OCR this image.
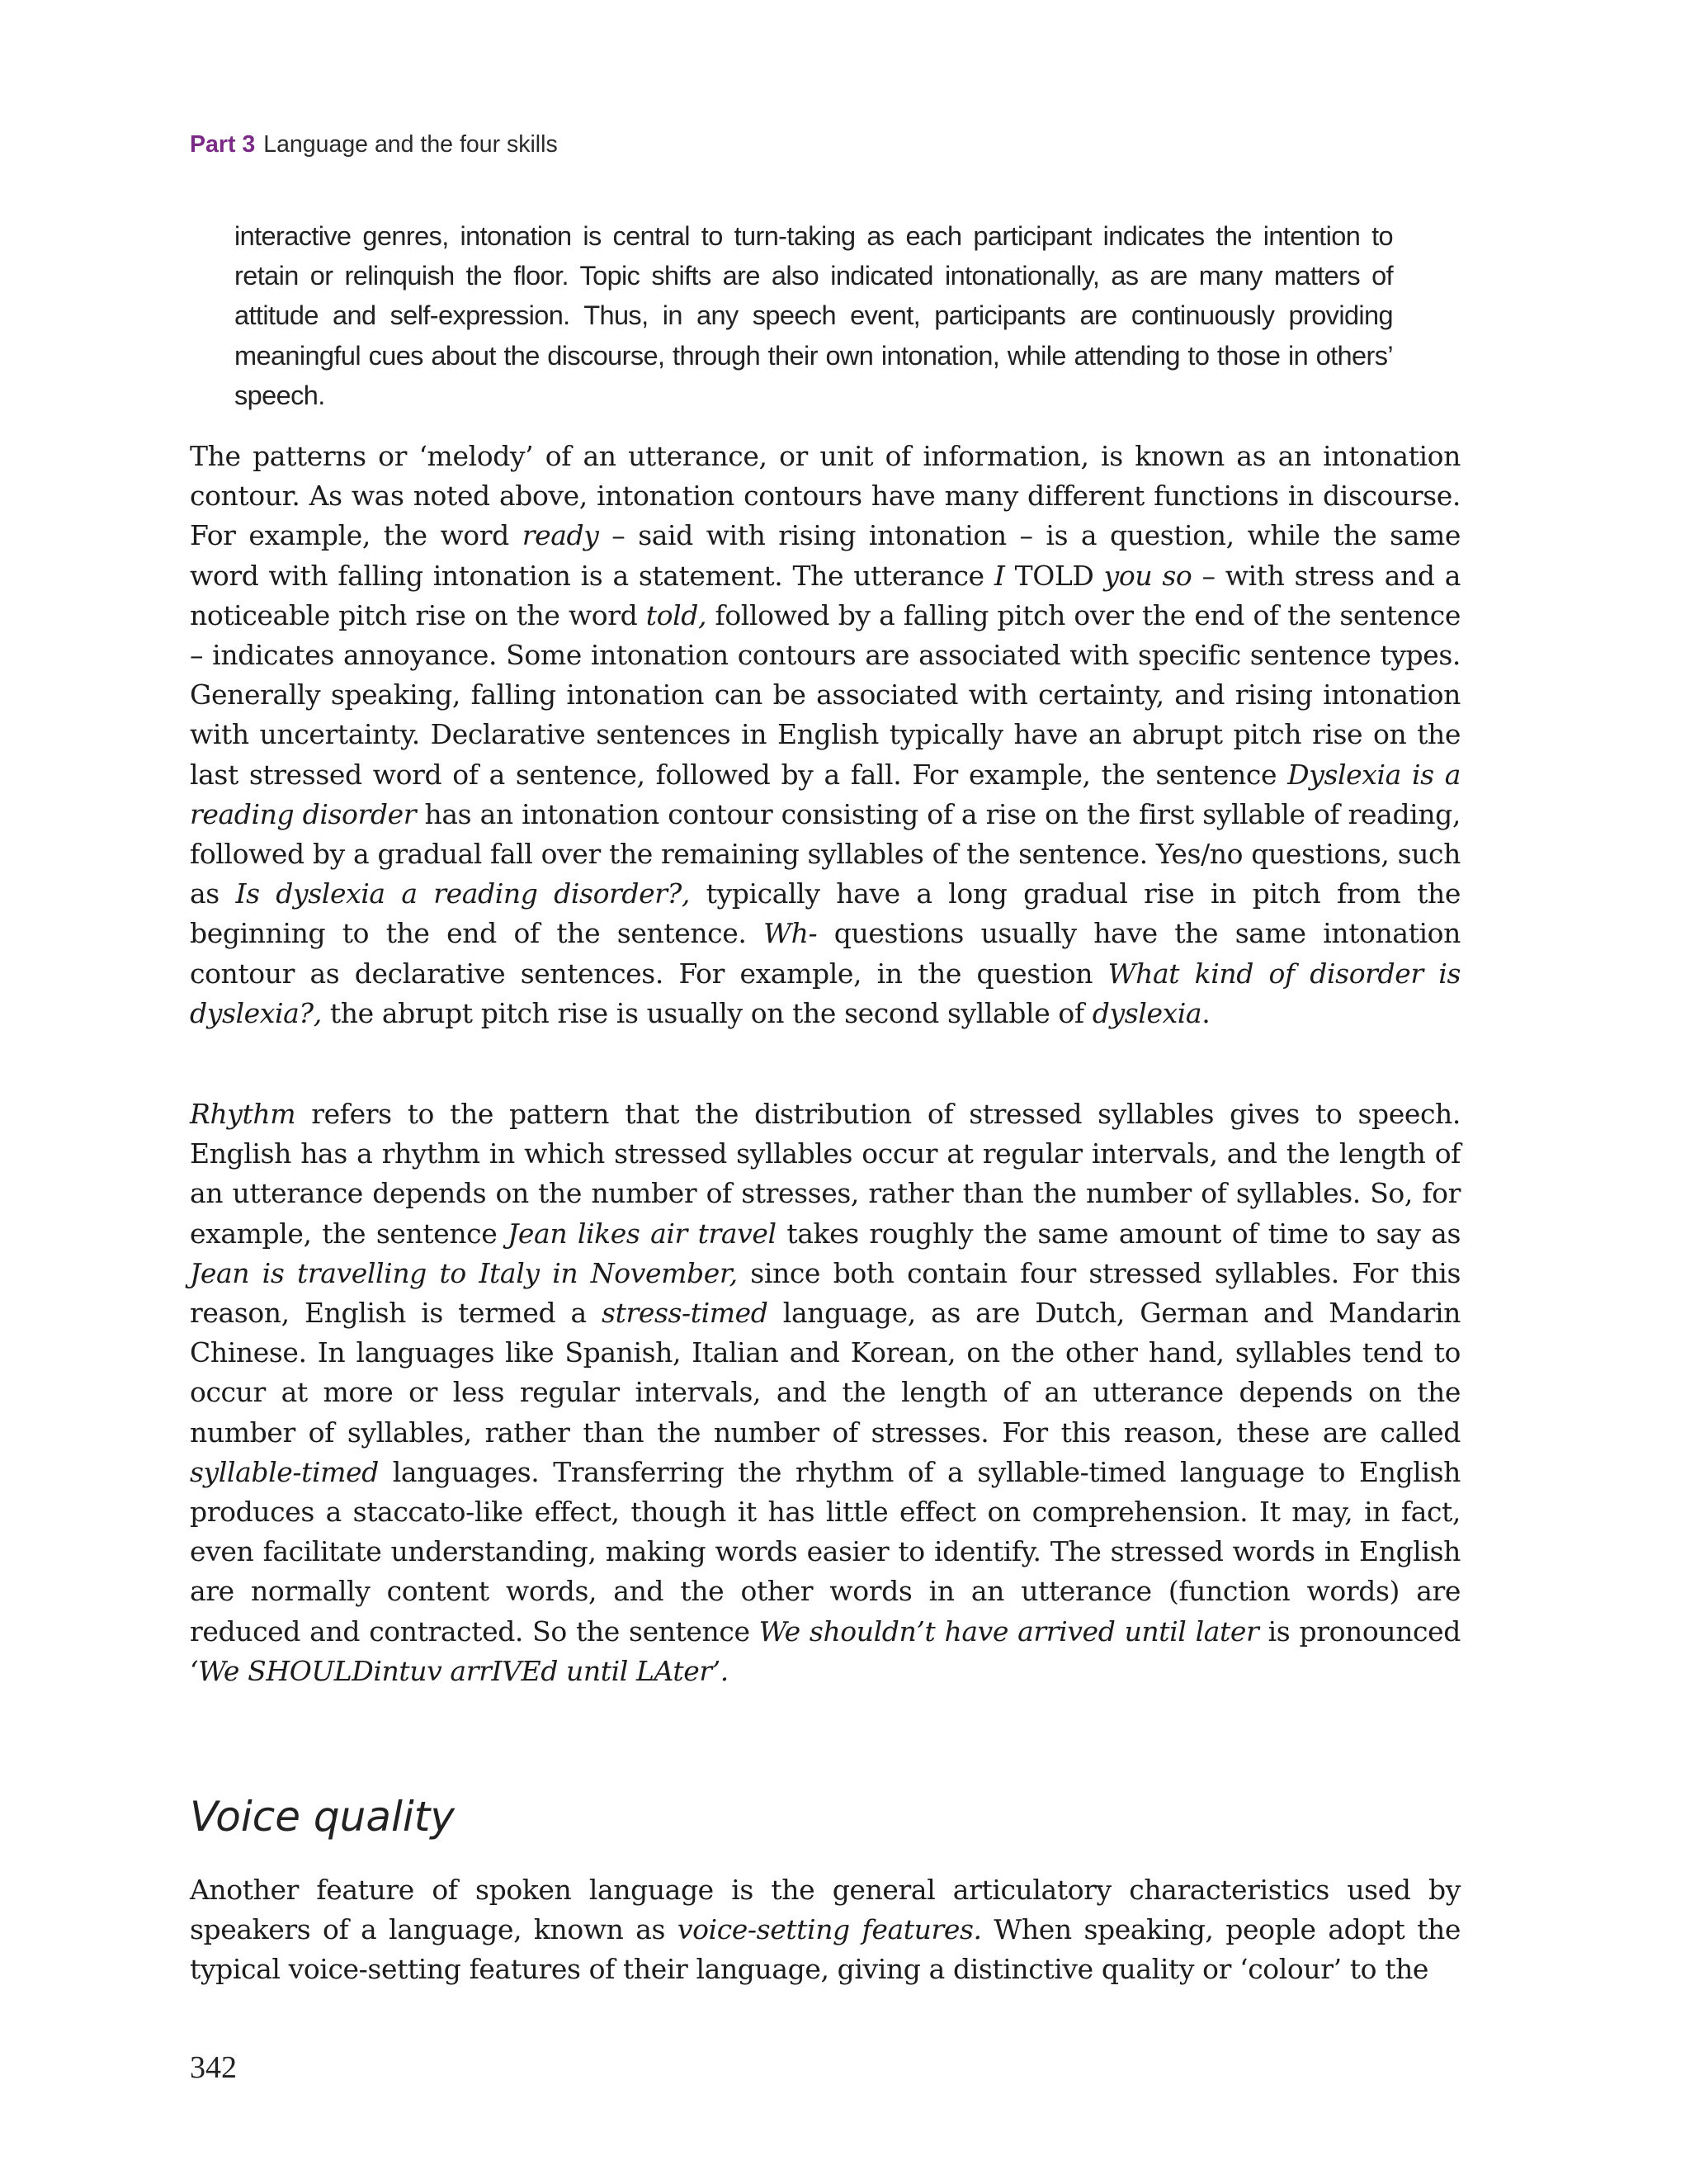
Part 3 Language and the four skills

interactive genres, intonation is central to turn-taking as each participant indicates the intention to retain or relinquish the floor. Topic shifts are also indicated intonationally, as are many matters of attitude and self-expression. Thus, in any speech event, participants are continuously providing meaningful cues about the discourse, through their own intonation, while attending to those in others’ speech.

The patterns or ‘melody’ of an utterance, or unit of information, is known as an intonation contour. As was noted above, intonation contours have many different functions in discourse. For example, the word ready – said with rising intonation – is a question, while the same word with falling intonation is a statement. The utterance I TOLD you so – with stress and a noticeable pitch rise on the word told, followed by a falling pitch over the end of the sentence – indicates annoyance. Some intonation contours are associated with specific sentence types. Generally speaking, falling intonation can be associated with certainty, and rising intonation with uncertainty. Declarative sentences in English typically have an abrupt pitch rise on the last stressed word of a sentence, followed by a fall. For example, the sentence Dyslexia is a reading disorder has an intonation contour consisting of a rise on the first syllable of reading, followed by a gradual fall over the remaining syllables of the sentence. Yes/no questions, such as Is dyslexia a reading disorder?, typically have a long gradual rise in pitch from the beginning to the end of the sentence. Wh- questions usually have the same intonation contour as declarative sentences. For example, in the question What kind of disorder is dyslexia?, the abrupt pitch rise is usually on the second syllable of dyslexia.

Rhythm refers to the pattern that the distribution of stressed syllables gives to speech. English has a rhythm in which stressed syllables occur at regular intervals, and the length of an utterance depends on the number of stresses, rather than the number of syllables. So, for example, the sentence Jean likes air travel takes roughly the same amount of time to say as Jean is travelling to Italy in November, since both contain four stressed syllables. For this reason, English is termed a stress-timed language, as are Dutch, German and Mandarin Chinese. In languages like Spanish, Italian and Korean, on the other hand, syllables tend to occur at more or less regular intervals, and the length of an utterance depends on the number of syllables, rather than the number of stresses. For this reason, these are called syllable-timed languages. Transferring the rhythm of a syllable-timed language to English produces a staccato-like effect, though it has little effect on comprehension. It may, in fact, even facilitate understanding, making words easier to identify. The stressed words in English are normally content words, and the other words in an utterance (function words) are reduced and contracted. So the sentence We shouldn’t have arrived until later is pronounced ‘We SHOULDintuv arrIVEd until LAter’.

Voice quality

Another feature of spoken language is the general articulatory characteristics used by speakers of a language, known as voice-setting features. When speaking, people adopt the typical voice-setting features of their language, giving a distinctive quality or ‘colour’ to the

342
